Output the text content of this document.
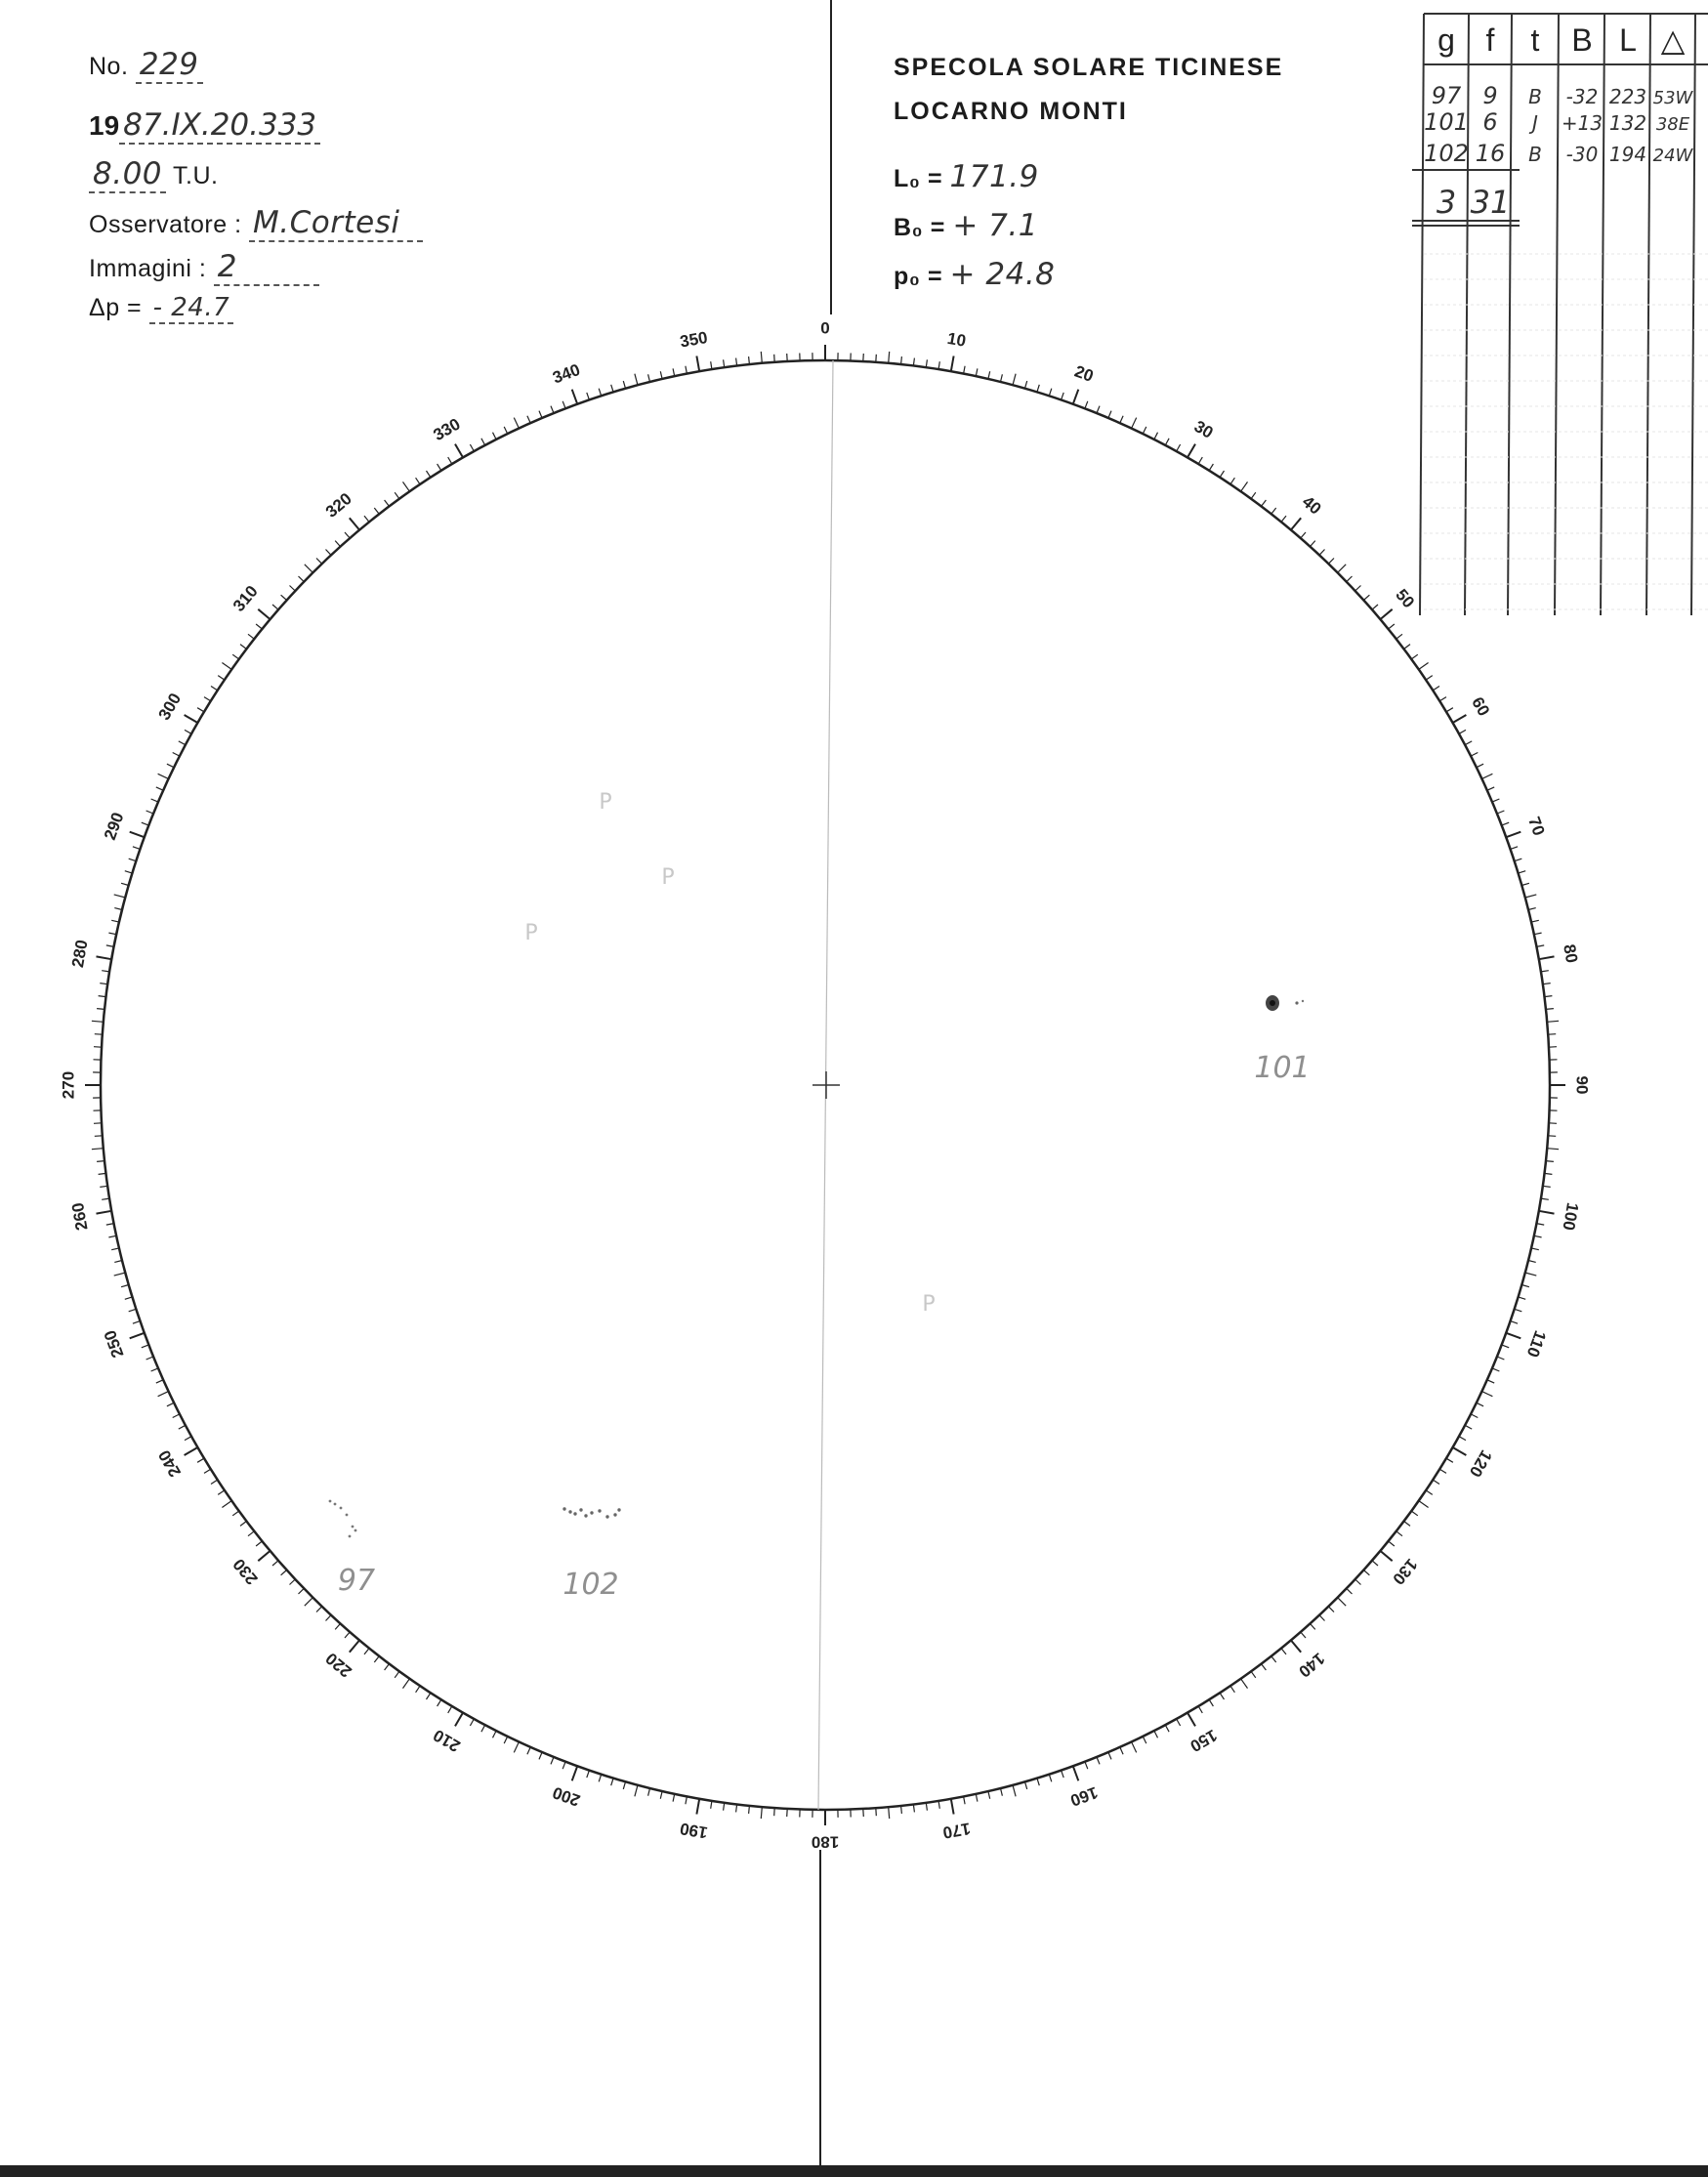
No. 229
19 87.IX.20.333
8.00 T.U.
Osservatore : M.Cortesi
Immagini : 2
Δp = - 24.7
SPECOLA SOLARE TICINESE
LOCARNO MONTI
L₀ = 171.9
B₀ = + 7.1
p₀ = + 24.8
g f t B L △
97 9 B -32 223 53W
101 6 J +13 132 38E
102 16 B -30 194 24W
3 31
0
10
20
30
40
50
60
70
80
90
100
110
120
130
140
150
160
170
180
190
200
210
220
230
240
250
260
270
280
290
300
310
320
330
340
350
101
97	102
P
P
P
P
